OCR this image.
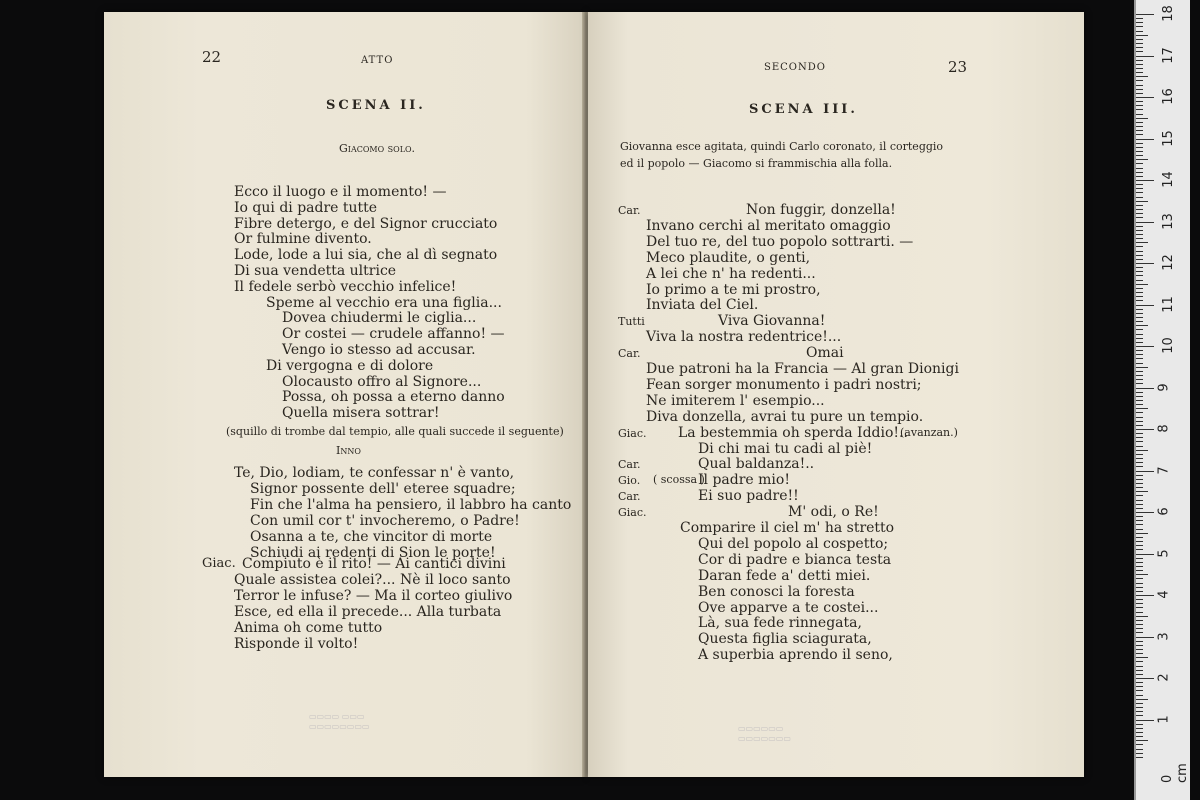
22	ATTO
SCENA II.
Giacomo solo.
Ecco il luogo e il momento! —
Io qui di padre tutte
Fibre detergo, e del Signor crucciato
Or fulmine divento.
Lode, lode a lui sia, che al dì segnato
Di sua vendetta ultrice
Il fedele serbò vecchio infelice!
Speme al vecchio era una figlia...
Dovea chiudermi le ciglia...
Or costei — crudele affanno! —
Vengo io stesso ad accusar.
Di vergogna e di dolore
Olocausto offro al Signore...
Possa, oh possa a eterno danno
Quella misera sottrar!
(squillo di trombe dal tempio, alle quali succede il seguente)
Inno
Te, Dio, lodiam, te confessar n' è vanto,
Signor possente dell' eteree squadre;
Fin che l'alma ha pensiero, il labbro ha canto
Con umil cor t' invocheremo, o Padre!
Osanna a te, che vincitor di morte
Schiudi ai redenti di Sion le porte!
Giac. Compiuto è il rito! — Ai cantici divini
Quale assistea colei?... Nè il loco santo
Terror le infuse? — Ma il corteo giulivo
Esce, ed ella il precede... Alla turbata
Anima oh come tutto
Risponde il volto!
▭▭▭▭ ▭▭▭
▭▭▭▭▭▭▭▭
SECONDO	23
SCENA III.
Giovanna esce agitata, quindi Carlo coronato, il corteggio
ed il popolo — Giacomo si frammischia alla folla.
Car.	Non fuggir, donzella!
Invano cerchi al meritato omaggio
Del tuo re, del tuo popolo sottrarti. —
Meco plaudite, o genti,
A lei che n' ha redenti...
Io primo a te mi prostro,
Inviata del Ciel.
Tutti	Viva Giovanna!
Viva la nostra redentrice!...
Car.	Omai
Due patroni ha la Francia — Al gran Dionigi
Fean sorger monumento i padri nostri;
Ne imiterem l' esempio...
Diva donzella, avrai tu pure un tempio.
Giac. La bestemmia oh sperda Iddio!..
Di chi mai tu cadi al piè!
Car.	Qual baldanza!..
Gio.	Il padre mio!
Car.	Ei suo padre!!
Giac.	M' odi, o Re!
Comparire il ciel m' ha stretto
Qui del popolo al cospetto;
Cor di padre e bianca testa
Daran fede a' detti miei.
Ben conosci la foresta
Ove apparve a te costei...
Là, sua fede rinnegata,
Questa figlia sciagurata,
A superbia aprendo il seno,
(avanzan.)
( scossa )
▭▭▭▭▭▭
▭▭▭▭▭▭▭
18
17
16
15
14
13
12
11
10
9
8
7
6
5
4
3
2
1
0 cm
